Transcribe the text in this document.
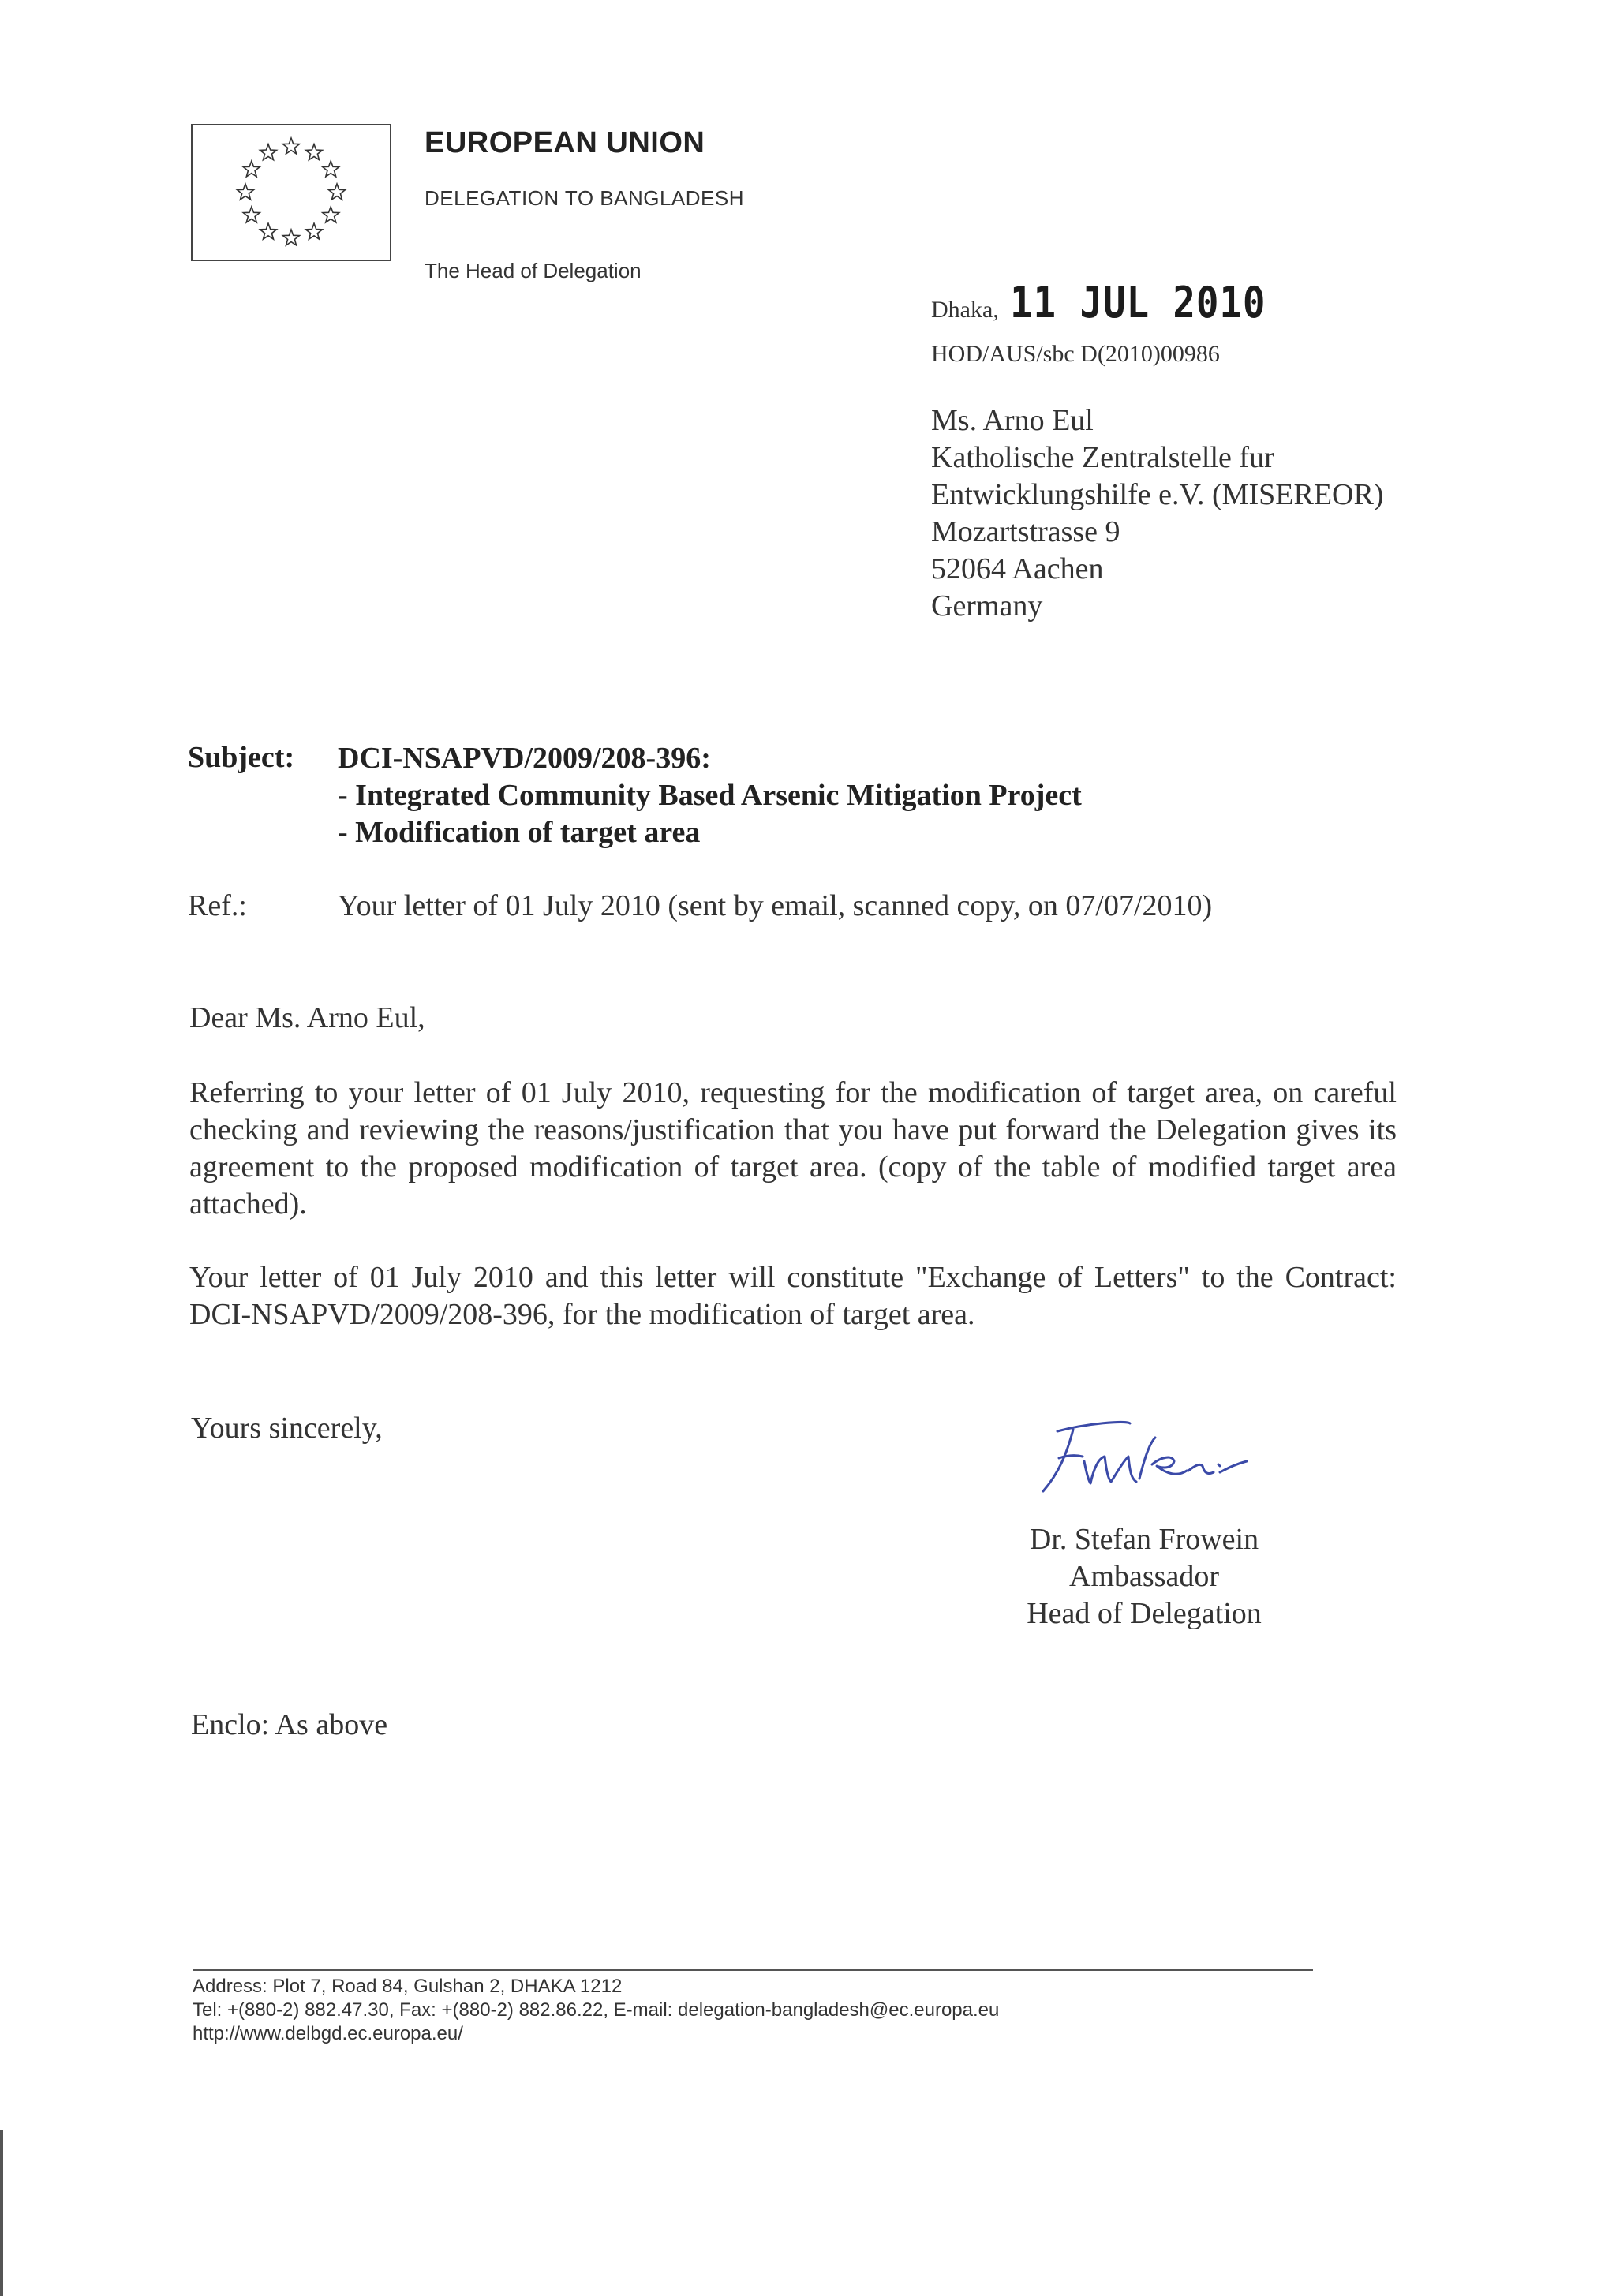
EUROPEAN UNION
DELEGATION TO BANGLADESH
The Head of Delegation
Dhaka, 11 JUL 2010
HOD/AUS/sbc D(2010)00986
Ms. Arno Eul
Katholische Zentralstelle fur
Entwicklungshilfe e.V. (MISEREOR)
Mozartstrasse 9
52064 Aachen
Germany
Subject: DCI-NSAPVD/2009/208-396:
- Integrated Community Based Arsenic Mitigation Project
- Modification of target area
Ref.:	Your letter of 01 July 2010 (sent by email, scanned copy, on 07/07/2010)
Dear Ms. Arno Eul,
Referring to your letter of 01 July 2010, requesting for the modification of target area, on careful checking and reviewing the reasons/justification that you have put forward the Delegation gives its agreement to the proposed modification of target area. (copy of the table of modified target area attached).
Your letter of 01 July 2010 and this letter will constitute "Exchange of Letters" to the Contract: DCI-NSAPVD/2009/208-396, for the modification of target area.
Yours sincerely,
Dr. Stefan Frowein
Ambassador
Head of Delegation
Enclo: As above
Address: Plot 7, Road 84, Gulshan 2, DHAKA 1212
Tel: +(880-2) 882.47.30, Fax: +(880-2) 882.86.22, E-mail: delegation-bangladesh@ec.europa.eu
http://www.delbgd.ec.europa.eu/
